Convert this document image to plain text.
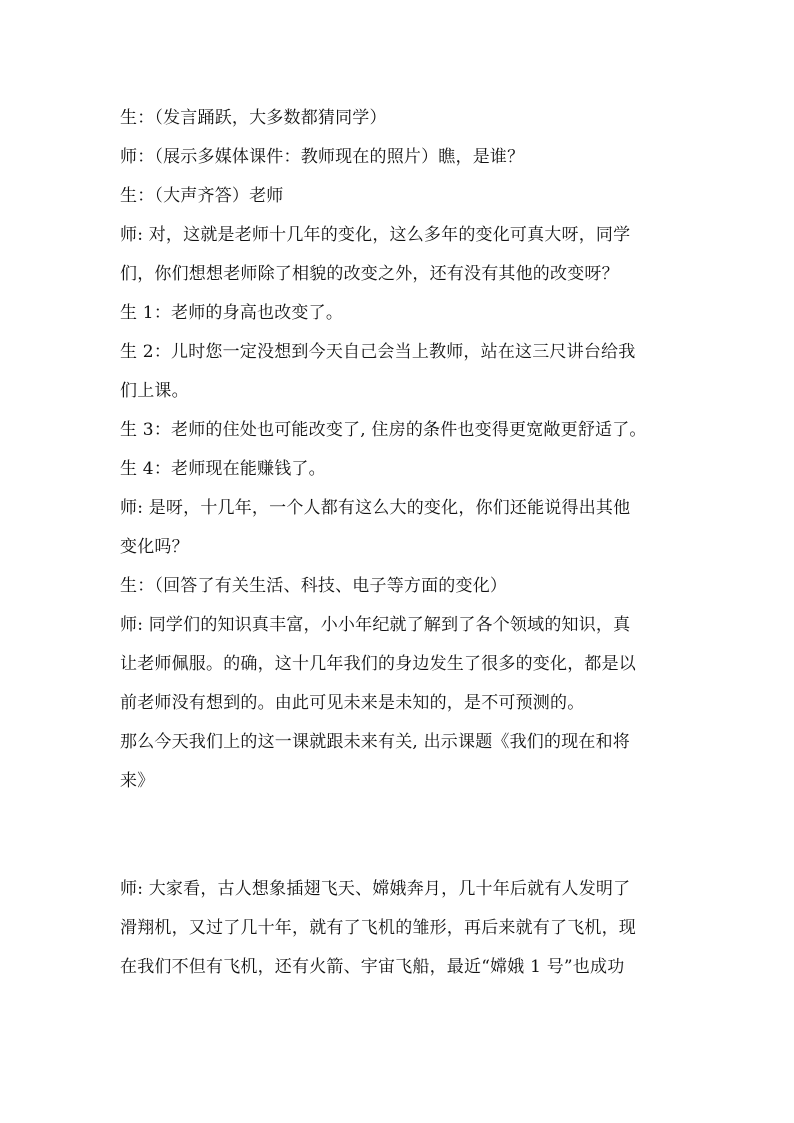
生：（发言踊跃，大多数都猜同学）
师：（展示多媒体课件：教师现在的照片）瞧，是谁？
生：（大声齐答）老师
师: 对，这就是老师十几年的变化，这么多年的变化可真大呀，同学
们，你们想想老师除了相貌的改变之外，还有没有其他的改变呀？
生 1：老师的身高也改变了。
生 2：儿时您一定没想到今天自己会当上教师，站在这三尺讲台给我
们上课。
生 3：老师的住处也可能改变了, 住房的条件也变得更宽敞更舒适了。
生 4：老师现在能赚钱了。
师: 是呀，十几年，一个人都有这么大的变化，你们还能说得出其他
变化吗？
生：（回答了有关生活、科技、电子等方面的变化）
师: 同学们的知识真丰富，小小年纪就了解到了各个领域的知识，真
让老师佩服。的确，这十几年我们的身边发生了很多的变化，都是以
前老师没有想到的。由此可见未来是未知的，是不可预测的。
那么今天我们上的这一课就跟未来有关, 出示课题《我们的现在和将
来》
师: 大家看，古人想象插翅飞天、嫦娥奔月，几十年后就有人发明了
滑翔机，又过了几十年，就有了飞机的雏形，再后来就有了飞机，现
在我们不但有飞机，还有火箭、宇宙飞船，最近“嫦娥 1 号”也成功
